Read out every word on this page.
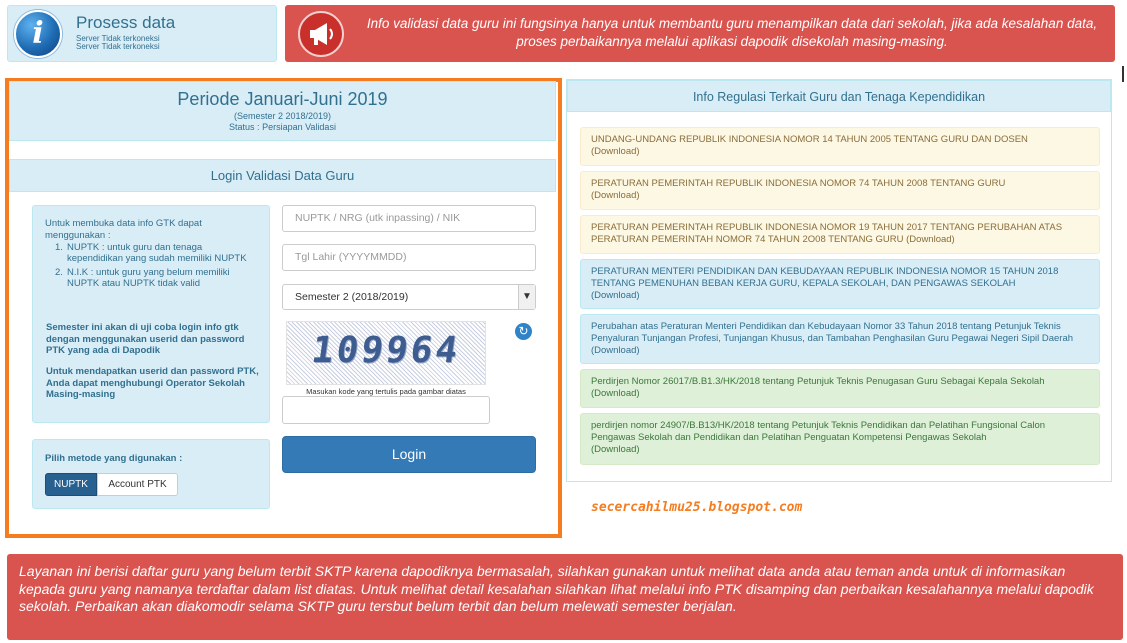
i	Prosess data
Server Tidak terkoneksi
Server Tidak terkoneksi
Info validasi data guru ini fungsinya hanya untuk membantu guru menampilkan data dari sekolah, jika ada kesalahan data, proses perbaikannya melalui aplikasi dapodik disekolah masing-masing.
Periode Januari-Juni 2019
(Semester 2 2018/2019)
Status : Persiapan Validasi
Login Validasi Data Guru
Untuk membuka data info GTK dapat menggunakan :
1. NUPTK : untuk guru dan tenaga kependidikan yang sudah memiliki NUPTK
2. N.I.K : untuk guru yang belum memiliki NUPTK atau NUPTK tidak valid
Semester ini akan di uji coba login info gtk dengan menggunakan userid dan password PTK yang ada di Dapodik
Untuk mendapatkan userid dan password PTK, Anda dapat menghubungi Operator Sekolah Masing-masing
Pilih metode yang digunakan :
NUPTK	Account PTK
NUPTK / NRG (utk inpassing) / NIK
Tgl Lahir (YYYYMMDD)
Semester 2 (2018/2019)	▼
109964	↻
Masukan kode yang tertulis pada gambar diatas
Login
Info Regulasi Terkait Guru dan Tenaga Kependidikan
UNDANG-UNDANG REPUBLIK INDONESIA NOMOR 14 TAHUN 2005 TENTANG GURU DAN DOSEN
(Download)
PERATURAN PEMERINTAH REPUBLIK INDONESIA NOMOR 74 TAHUN 2008 TENTANG GURU
(Download)
PERATURAN PEMERINTAH REPUBLIK INDONESIA NOMOR 19 TAHUN 2017 TENTANG PERUBAHAN ATAS PERATURAN PEMERINTAH NOMOR 74 TAHUN 2O08 TENTANG GURU (Download)
PERATURAN MENTERI PENDIDIKAN DAN KEBUDAYAAN REPUBLIK INDONESIA NOMOR 15 TAHUN 2018 TENTANG PEMENUHAN BEBAN KERJA GURU, KEPALA SEKOLAH, DAN PENGAWAS SEKOLAH
(Download)
Perubahan atas Peraturan Menteri Pendidikan dan Kebudayaan Nomor 33 Tahun 2018 tentang Petunjuk Teknis Penyaluran Tunjangan Profesi, Tunjangan Khusus, dan Tambahan Penghasilan Guru Pegawai Negeri Sipil Daerah (Download)
Perdirjen Nomor 26017/B.B1.3/HK/2018 tentang Petunjuk Teknis Penugasan Guru Sebagai Kepala Sekolah (Download)
perdirjen nomor 24907/B.B13/HK/2018 tentang Petunjuk Teknis Pendidikan dan Pelatihan Fungsional Calon Pengawas Sekolah dan Pendidikan dan Pelatihan Penguatan Kompetensi Pengawas Sekolah
(Download)
secercahilmu25.blogspot.com
Layanan ini berisi daftar guru yang belum terbit SKTP karena dapodiknya bermasalah, silahkan gunakan untuk melihat data anda atau teman anda untuk di informasikan kepada guru yang namanya terdaftar dalam list diatas. Untuk melihat detail kesalahan silahkan lihat melalui info PTK disamping dan perbaikan kesalahannya melalui dapodik sekolah. Perbaikan akan diakomodir selama SKTP guru tersbut belum terbit dan belum melewati semester berjalan.
